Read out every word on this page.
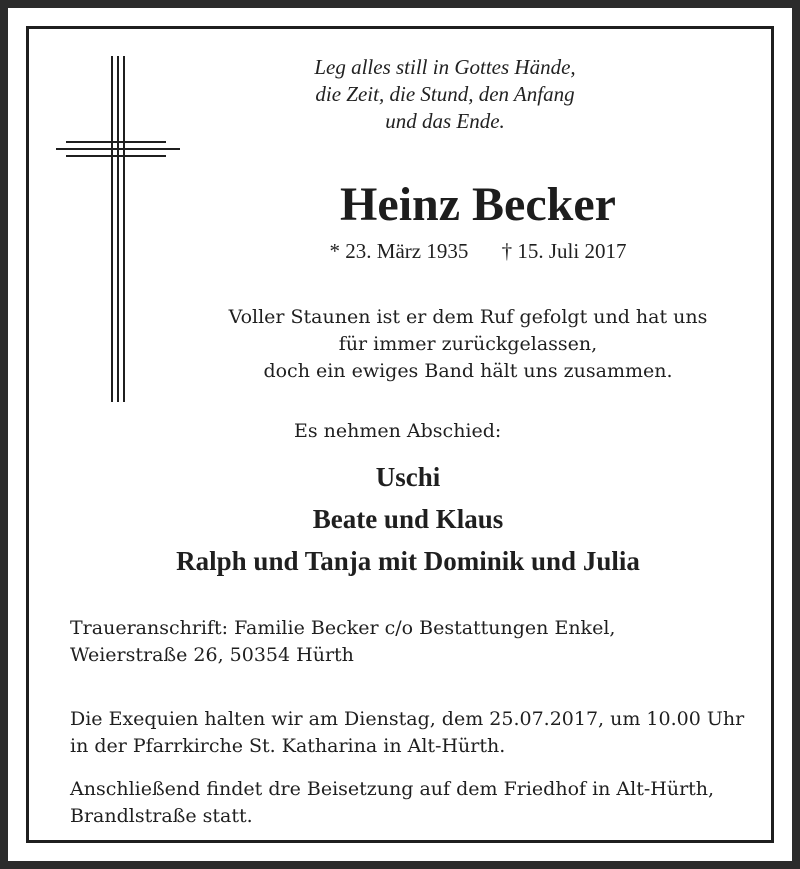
Leg alles still in Gottes Hände,
die Zeit, die Stund, den Anfang
und das Ende.

Heinz Becker
* 23. März 1935 † 15. Juli 2017

Voller Staunen ist er dem Ruf gefolgt und hat uns
für immer zurückgelassen,
doch ein ewiges Band hält uns zusammen.

Es nehmen Abschied:

Uschi
Beate und Klaus
Ralph und Tanja mit Dominik und Julia

Traueranschrift: Familie Becker c/o Bestattungen Enkel,
Weierstraße 26, 50354 Hürth

Die Exequien halten wir am Dienstag, dem 25.07.2017, um 10.00 Uhr
in der Pfarrkirche St. Katharina in Alt-Hürth.

Anschließend findet dre Beisetzung auf dem Friedhof in Alt-Hürth,
Brandlstraße statt.
